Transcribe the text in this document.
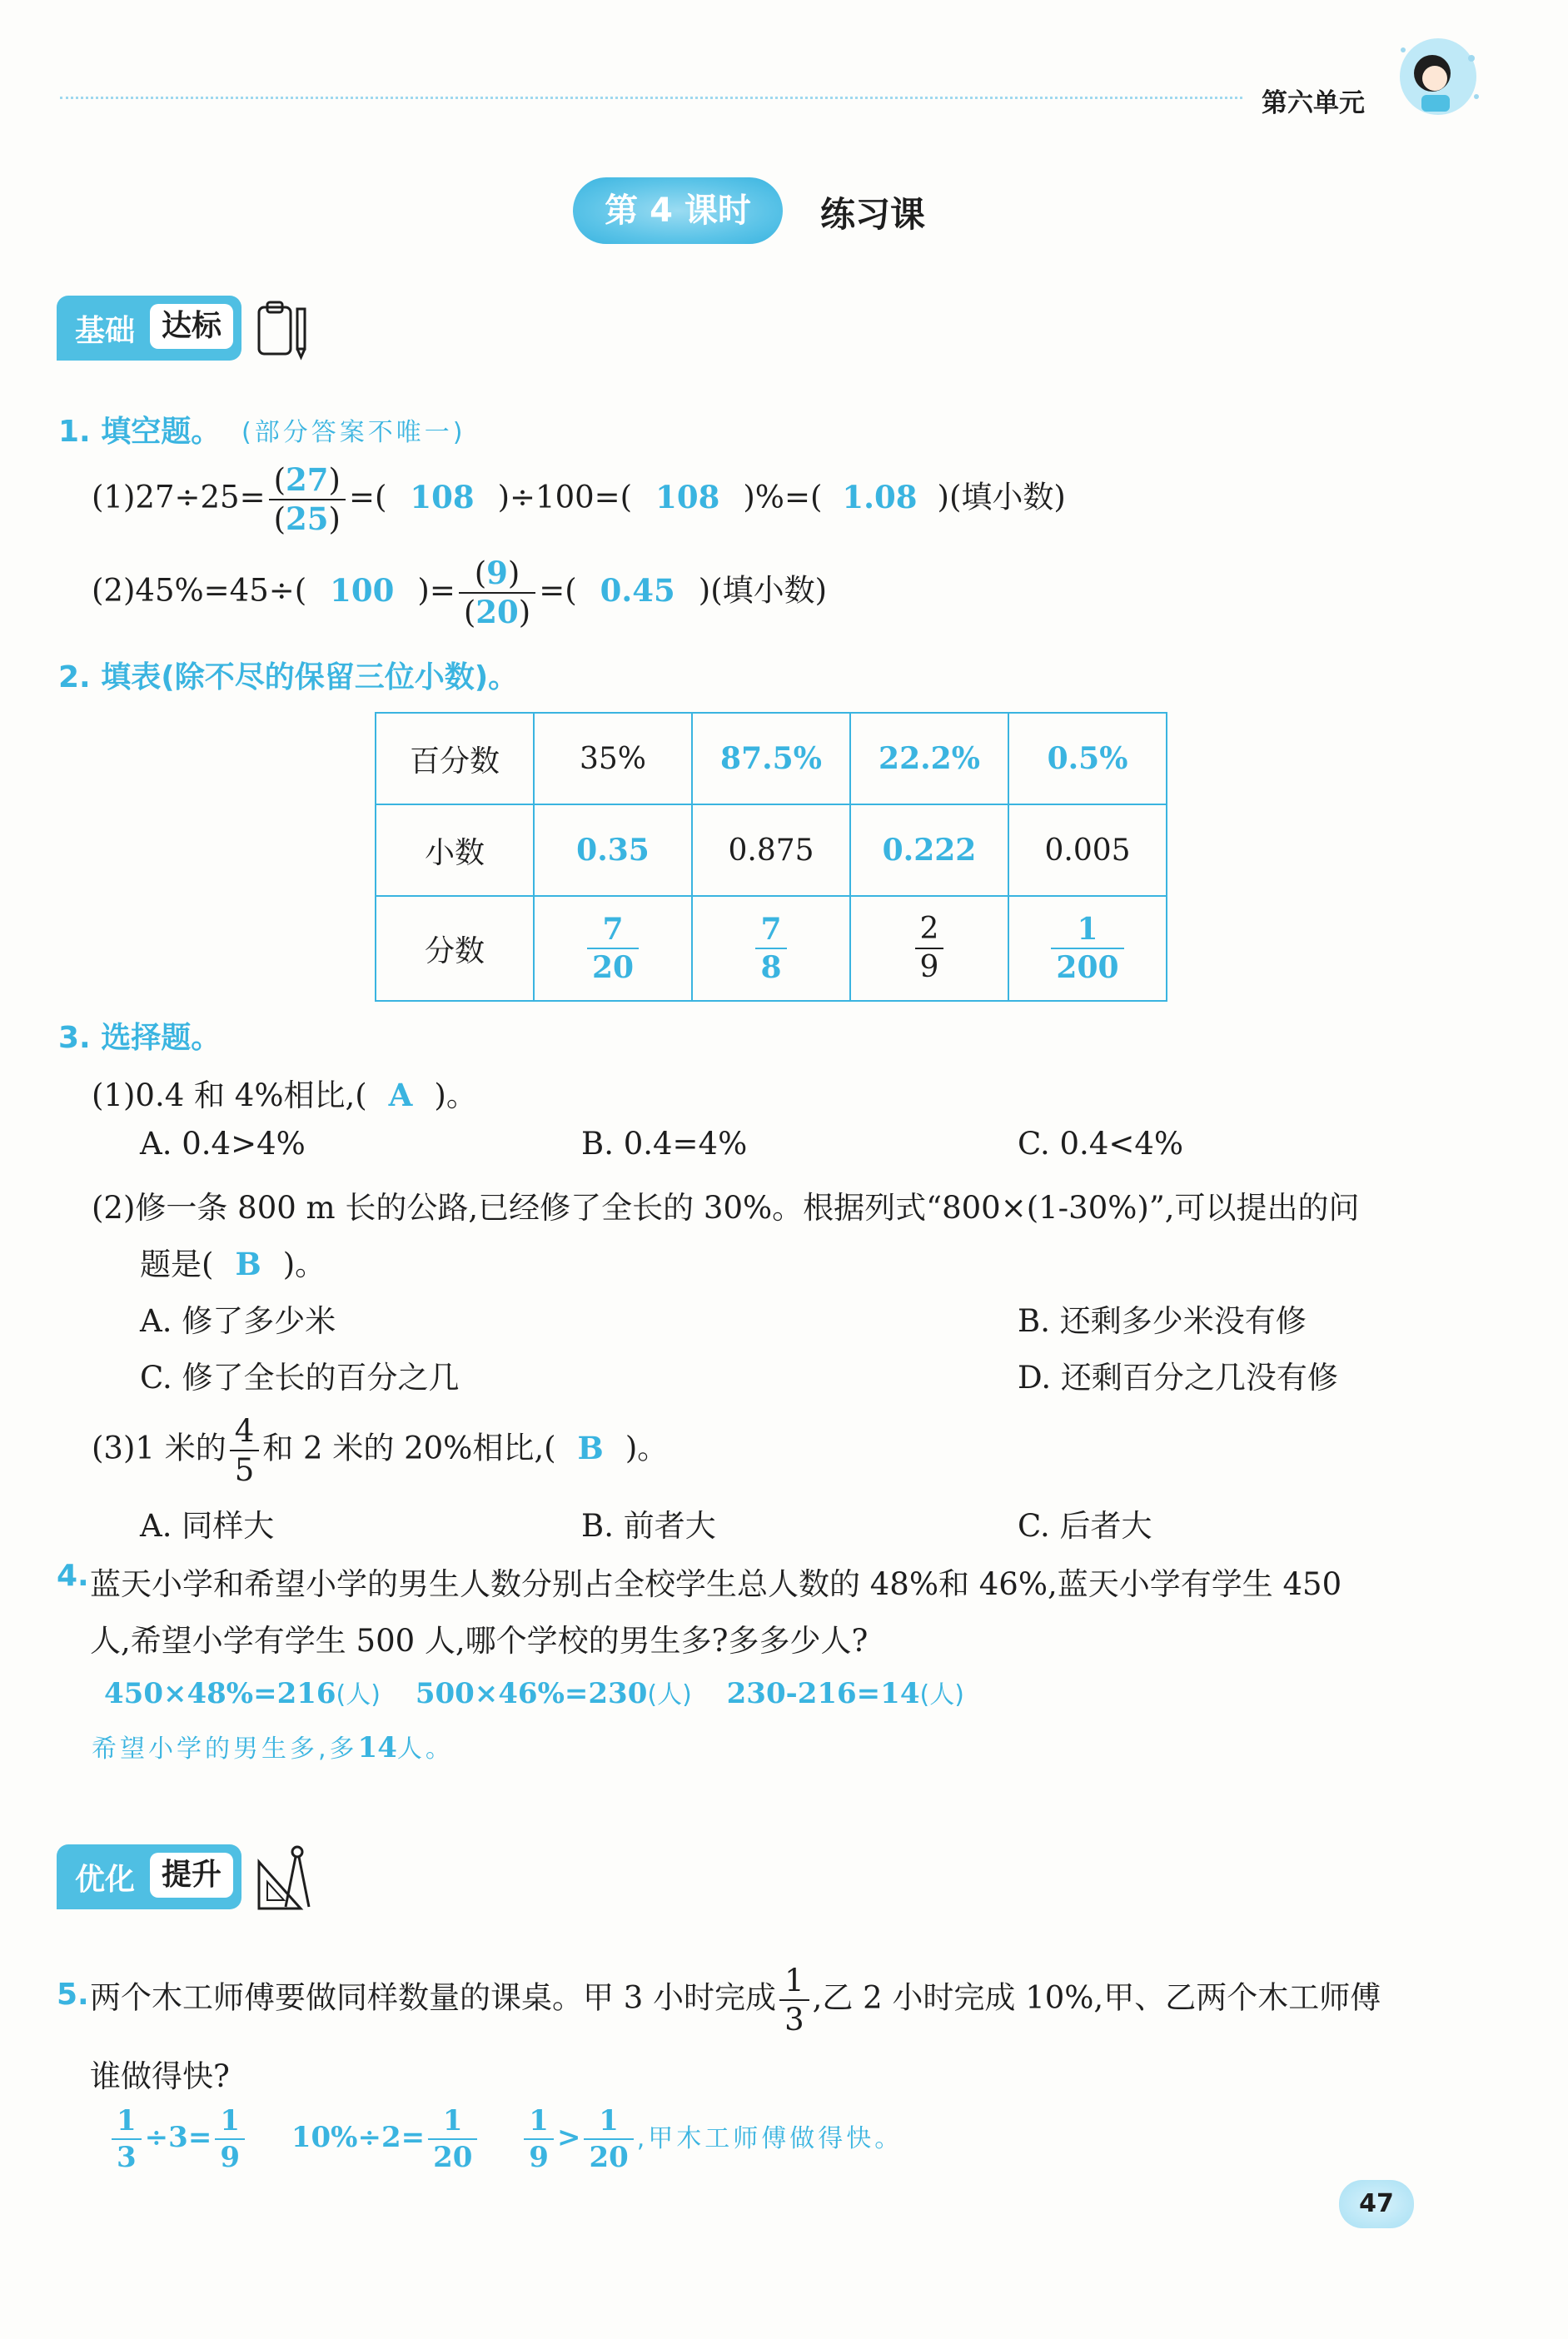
第六单元
第 4 课时	练习课
基础 达标
1. 填空题。 (部分答案不唯一)
$(1)27\div 25= \frac{(27)}{(25)}$ =( 108 )÷100=( 108 )%=( 1.08 )(填小数)
(2)45%=45÷( 100 )= $\frac{(9)}{(20)}$ =( 0.45 )(填小数)
2. 填表(除不尽的保留三位小数)。
百分数	35%	87.5%	22.2%	0.5%
小数	0.35	0.875	0.222	0.005
分数	$\frac{7}{20}$	$\frac{7}{8}$	$\frac{2}{9}$	$\frac{1}{200}$
3. 选择题。
(1)0.4 和 4%相比,( A )。
A. 0.4>4%	B. 0.4=4%	C. 0.4<4%
(2)修一条 800 m 长的公路,已经修了全长的 30%。根据列式“800×(1-30%)”,可以提出的问
题是( B )。
A. 修了多少米	B. 还剩多少米没有修
C. 修了全长的百分之几	D. 还剩百分之几没有修
(3)1 米的 $\frac{4}{5}$ 和 2 米的 20%相比,( B )。
A. 同样大	B. 前者大	C. 后者大
4. 蓝天小学和希望小学的男生人数分别占全校学生总人数的 48%和 46%,蓝天小学有学生 450
人,希望小学有学生 500 人,哪个学校的男生多?多多少人?
450×48%=216(人) 500×46%=230(人) 230-216=14(人)
希望小学的男生多,多14人。
优化 提升
5. 两个木工师傅要做同样数量的课桌。甲 3 小时完成 $\frac{1}{3}$ ,乙 2 小时完成 10%,甲、乙两个木工师傅
谁做得快?
$\frac{1}{3} \div 3= \frac{1}{9} 10\%\div 2= \frac{1}{20}$
$\frac{1}{9} > \frac{1}{20}$ ,甲木工师傅做得快。
47
